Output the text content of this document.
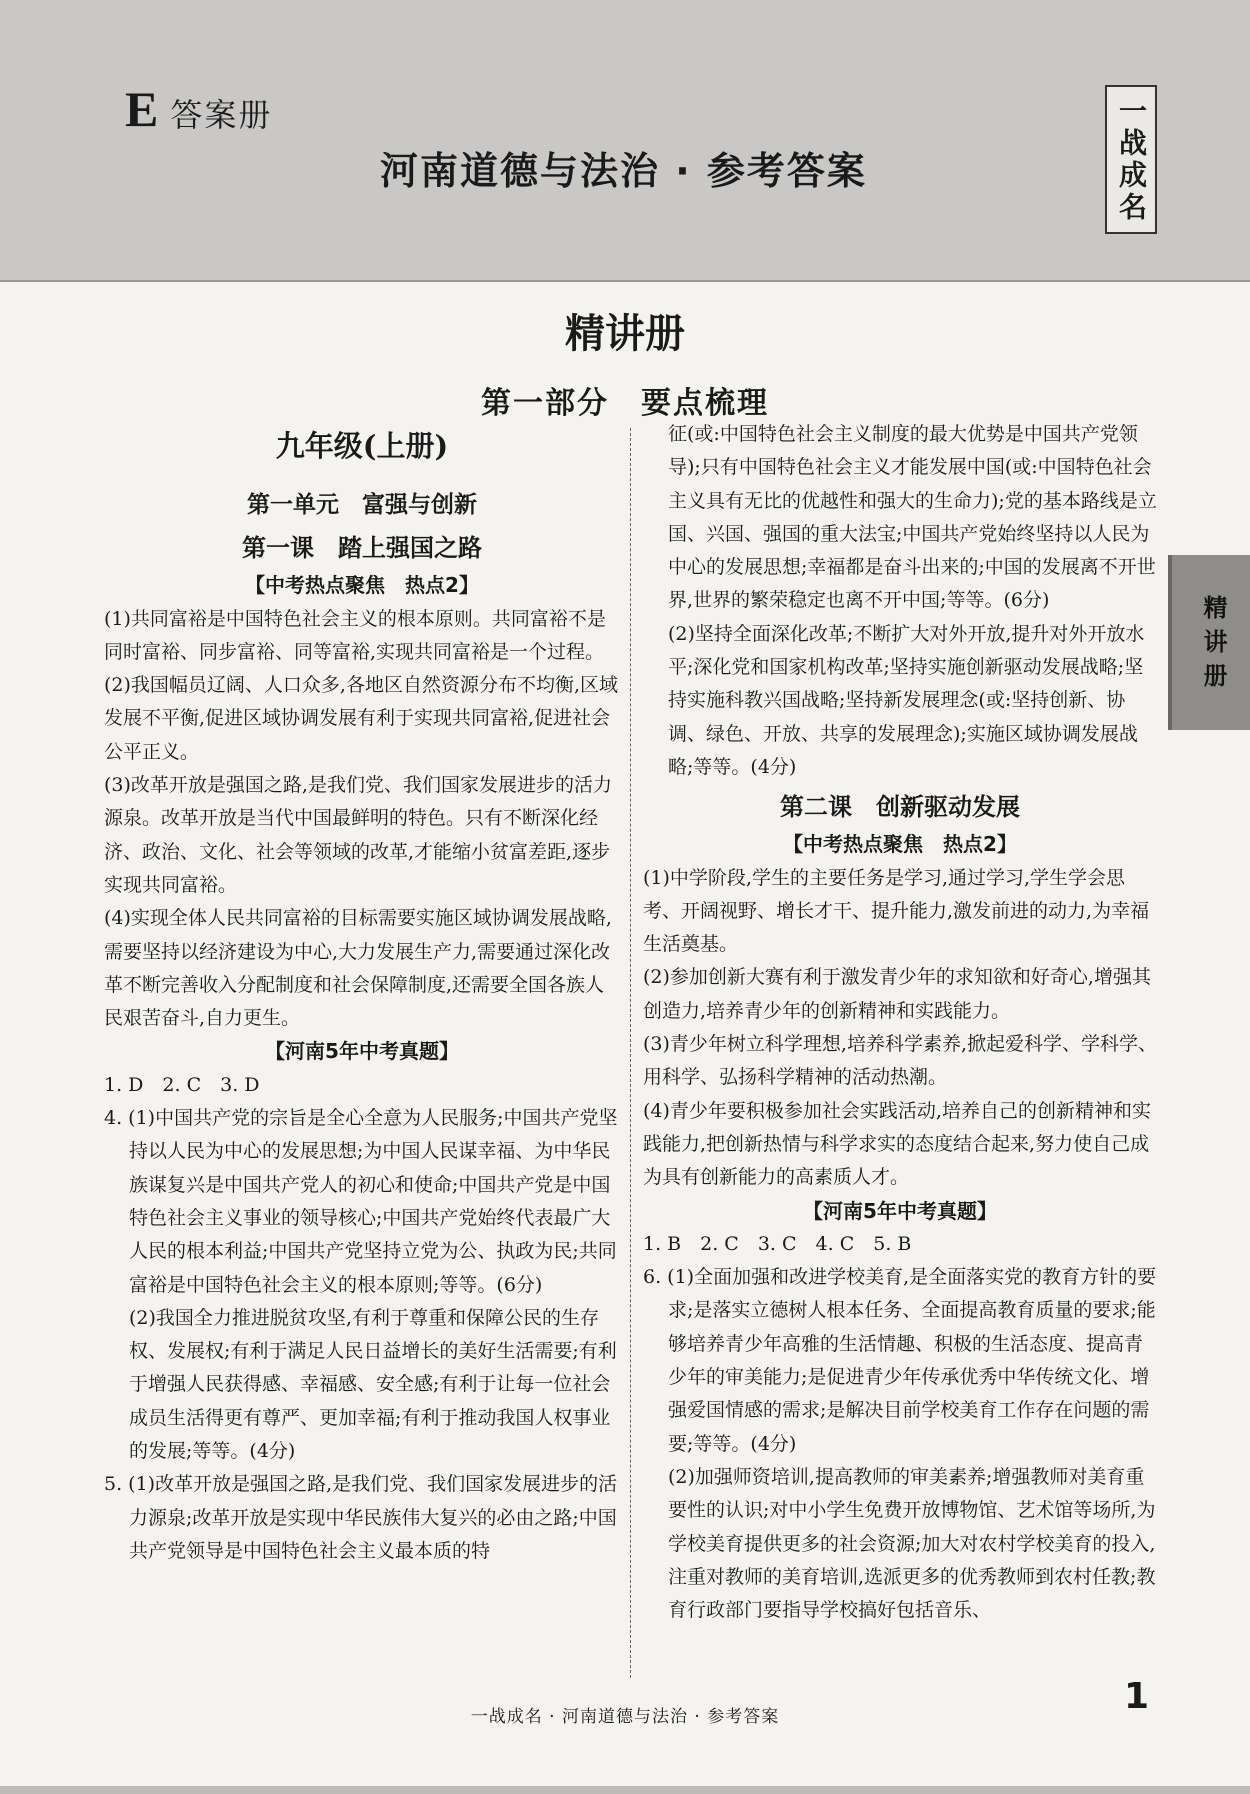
E答案册
河南道德与法治 · 参考答案	一战成名
精讲册
精讲册
第一部分　要点梳理

九年级(上册)

第一单元　富强与创新

第一课　踏上强国之路

【中考热点聚焦　热点2】

(1)共同富裕是中国特色社会主义的根本原则。共同富裕不是同时富裕、同步富裕、同等富裕,实现共同富裕是一个过程。

(2)我国幅员辽阔、人口众多,各地区自然资源分布不均衡,区域发展不平衡,促进区域协调发展有利于实现共同富裕,促进社会公平正义。

(3)改革开放是强国之路,是我们党、我们国家发展进步的活力源泉。改革开放是当代中国最鲜明的特色。只有不断深化经济、政治、文化、社会等领域的改革,才能缩小贫富差距,逐步实现共同富裕。

(4)实现全体人民共同富裕的目标需要实施区域协调发展战略,需要坚持以经济建设为中心,大力发展生产力,需要通过深化改革不断完善收入分配制度和社会保障制度,还需要全国各族人民艰苦奋斗,自力更生。

【河南5年中考真题】

1. D　2. C　3. D

4. (1)中国共产党的宗旨是全心全意为人民服务;中国共产党坚持以人民为中心的发展思想;为中国人民谋幸福、为中华民族谋复兴是中国共产党人的初心和使命;中国共产党是中国特色社会主义事业的领导核心;中国共产党始终代表最广大人民的根本利益;中国共产党坚持立党为公、执政为民;共同富裕是中国特色社会主义的根本原则;等等。(6分)

(2)我国全力推进脱贫攻坚,有利于尊重和保障公民的生存权、发展权;有利于满足人民日益增长的美好生活需要;有利于增强人民获得感、幸福感、安全感;有利于让每一位社会成员生活得更有尊严、更加幸福;有利于推动我国人权事业的发展;等等。(4分)

5. (1)改革开放是强国之路,是我们党、我们国家发展进步的活力源泉;改革开放是实现中华民族伟大复兴的必由之路;中国共产党领导是中国特色社会主义最本质的特

征(或:中国特色社会主义制度的最大优势是中国共产党领导);只有中国特色社会主义才能发展中国(或:中国特色社会主义具有无比的优越性和强大的生命力);党的基本路线是立国、兴国、强国的重大法宝;中国共产党始终坚持以人民为中心的发展思想;幸福都是奋斗出来的;中国的发展离不开世界,世界的繁荣稳定也离不开中国;等等。(6分)

(2)坚持全面深化改革;不断扩大对外开放,提升对外开放水平;深化党和国家机构改革;坚持实施创新驱动发展战略;坚持实施科教兴国战略;坚持新发展理念(或:坚持创新、协调、绿色、开放、共享的发展理念);实施区域协调发展战略;等等。(4分)

第二课　创新驱动发展

【中考热点聚焦　热点2】

(1)中学阶段,学生的主要任务是学习,通过学习,学生学会思考、开阔视野、增长才干、提升能力,激发前进的动力,为幸福生活奠基。

(2)参加创新大赛有利于激发青少年的求知欲和好奇心,增强其创造力,培养青少年的创新精神和实践能力。

(3)青少年树立科学理想,培养科学素养,掀起爱科学、学科学、用科学、弘扬科学精神的活动热潮。

(4)青少年要积极参加社会实践活动,培养自己的创新精神和实践能力,把创新热情与科学求实的态度结合起来,努力使自己成为具有创新能力的高素质人才。

【河南5年中考真题】

1. B　2. C　3. C　4. C　5. B

6. (1)全面加强和改进学校美育,是全面落实党的教育方针的要求;是落实立德树人根本任务、全面提高教育质量的要求;能够培养青少年高雅的生活情趣、积极的生活态度、提高青少年的审美能力;是促进青少年传承优秀中华传统文化、增强爱国情感的需求;是解决目前学校美育工作存在问题的需要;等等。(4分)

(2)加强师资培训,提高教师的审美素养;增强教师对美育重要性的认识;对中小学生免费开放博物馆、艺术馆等场所,为学校美育提供更多的社会资源;加大对农村学校美育的投入,注重对教师的美育培训,选派更多的优秀教师到农村任教;教育行政部门要指导学校搞好包括音乐、

一战成名 · 河南道德与法治 · 参考答案	1
